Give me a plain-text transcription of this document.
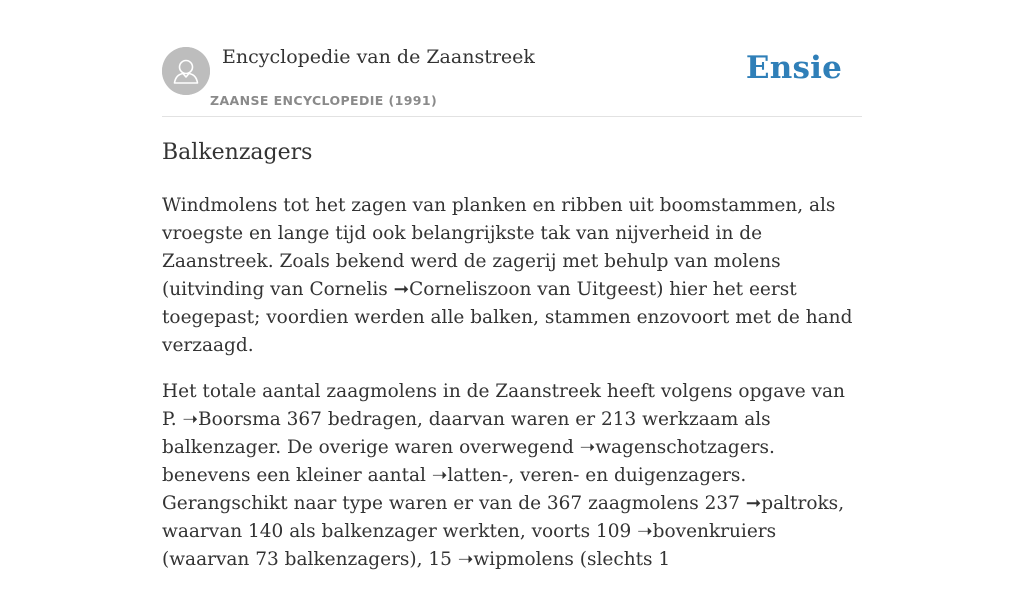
Encyclopedie van de Zaanstreek
ZAANSE ENCYCLOPEDIE (1991)
Ensie
Balkenzagers

Windmolens tot het zagen van planken en ribben uit boomstammen, als vroegste en lange tijd ook belangrijkste tak van nijverheid in de Zaanstreek. Zoals bekend werd de zagerij met behulp van molens (uitvinding van Cornelis ➞Corneliszoon van Uitgeest) hier het eerst toegepast; voordien werden alle balken, stammen enzovoort met de hand verzaagd.

Het totale aantal zaagmolens in de Zaanstreek heeft volgens opgave van P. ➝Boorsma 367 bedragen, daarvan waren er 213 werkzaam als balkenzager. De overige waren overwegend ➝wagenschotzagers. benevens een kleiner aantal ➝latten-, veren- en duigenzagers. Gerangschikt naar type waren er van de 367 zaagmolens 237 ➞paltroks, waarvan 140 als balkenzager werkten, voorts 109 ➝bovenkruiers (waarvan 73 balkenzagers), 15 ➝wipmolens (slechts 1
